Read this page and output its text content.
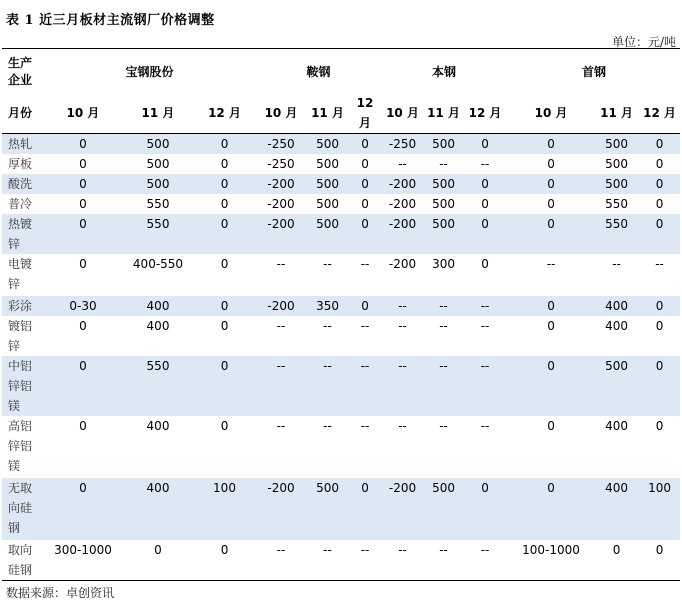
表 1 近三月板材主流钢厂价格调整
单位：元/吨
生产企业	宝钢股份			鞍钢			本钢			首钢		
月份	10 月	11 月	12 月	10 月	11 月	12 月	10 月	11 月	12 月	10 月	11 月	12 月
热轧	0	500	0	-250	500	0	-250	500	0	0	500	0
厚板	0	500	0	-250	500	0	--	--	--	0	500	0
酸洗	0	500	0	-200	500	0	-200	500	0	0	500	0
普冷	0	550	0	-200	500	0	-200	500	0	0	550	0
热镀锌	0	550	0	-200	500	0	-200	500	0	0	550	0
电镀锌	0	400-550	0	--	--	--	-200	300	0	--	--	--
彩涂	0-30	400	0	-200	350	0	--	--	--	0	400	0
镀铝锌	0	400	0	--	--	--	--	--	--	0	400	0
中铝锌铝镁	0	550	0	--	--	--	--	--	--	0	500	0
高铝锌铝镁	0	400	0	--	--	--	--	--	--	0	400	0
无取向硅钢	0	400	100	-200	500	0	-200	500	0	0	400	100
取向硅钢	300-1000	0	0	--	--	--	--	--	--	100-1000	0	0
数据来源：卓创资讯
